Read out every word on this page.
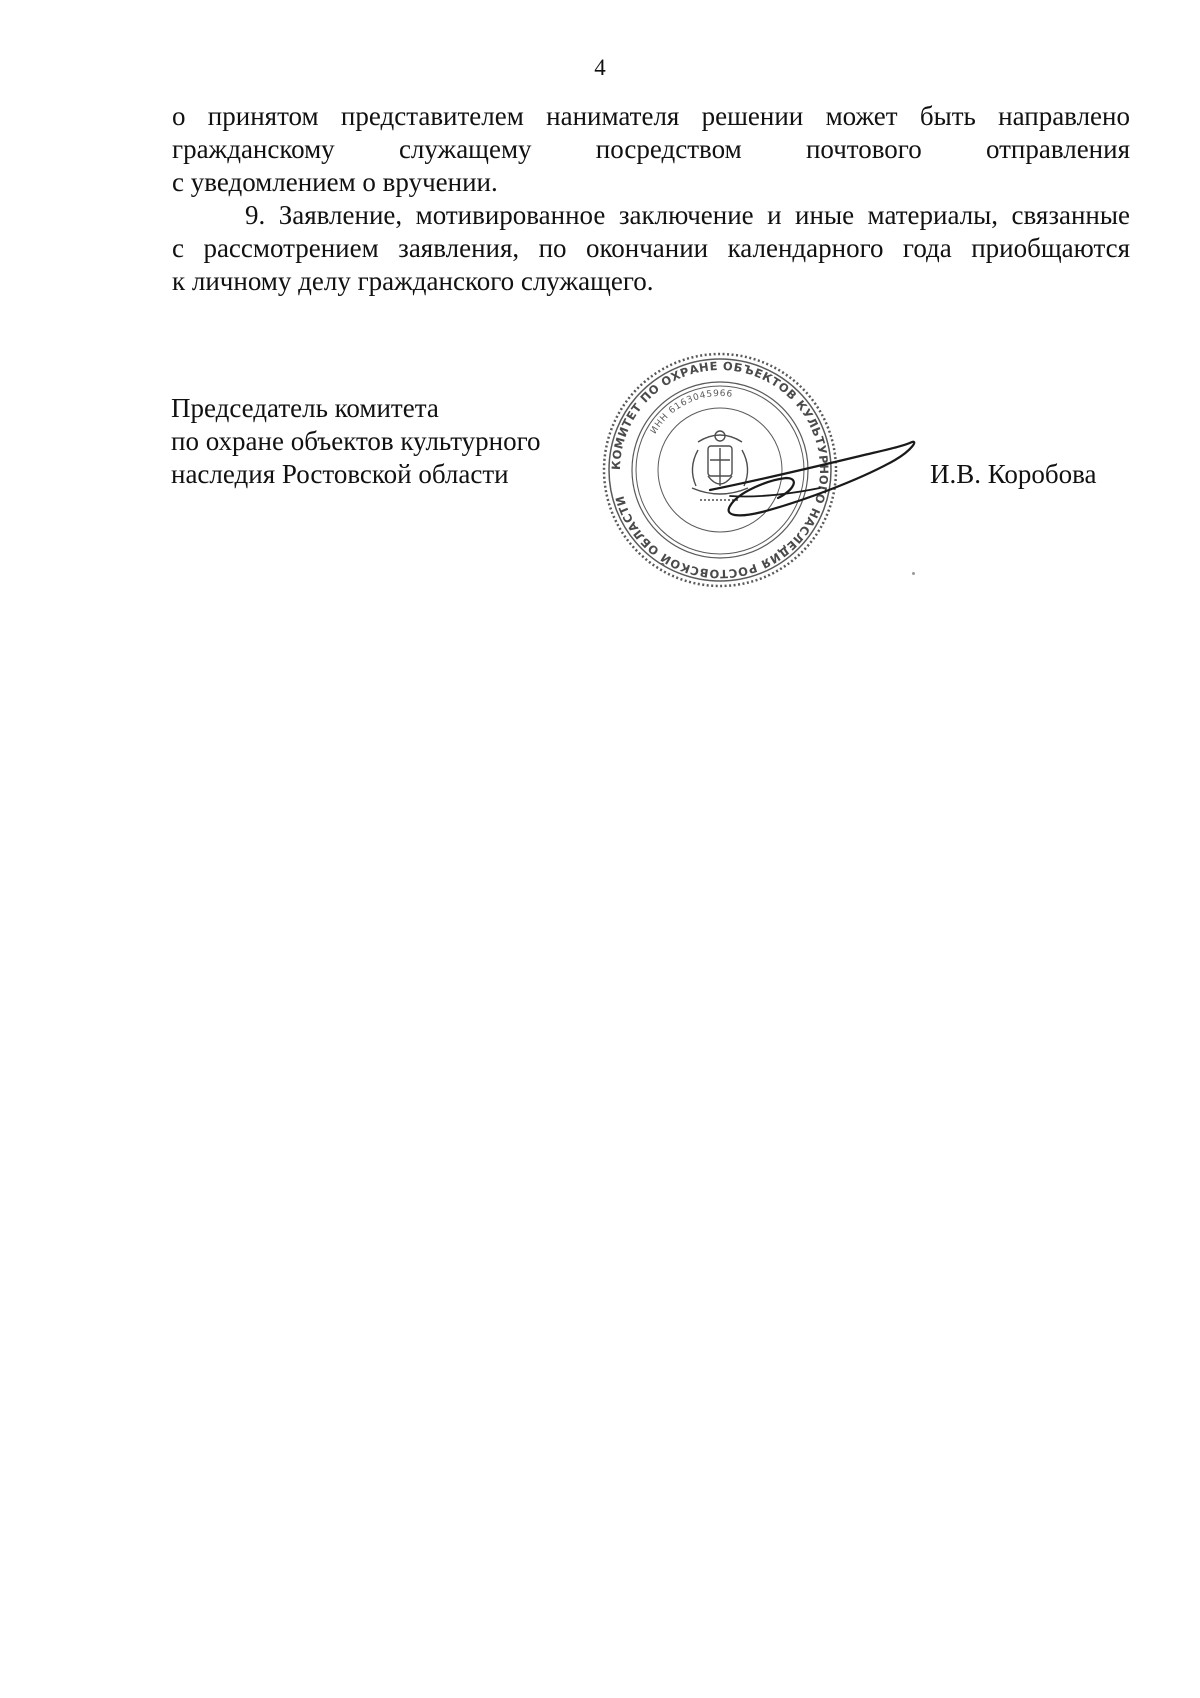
4

о принятом представителем нанимателя решении может быть направлено
гражданскому служащему посредством почтового отправления
с уведомлением о вручении.

9. Заявление, мотивированное заключение и иные материалы, связанные
с рассмотрением заявления, по окончании календарного года приобщаются
к личному делу гражданского служащего.

Председатель комитета
по охране объектов культурного
наследия Ростовской области	КОМИТЕТ ПО ОХРАНЕ ОБЪЕКТОВ КУЛЬТУРНОГО НАСЛЕДИЯ РОСТОВСКОЙ ОБЛАСТИ
ИНН 6163045966
И.В. Коробова
